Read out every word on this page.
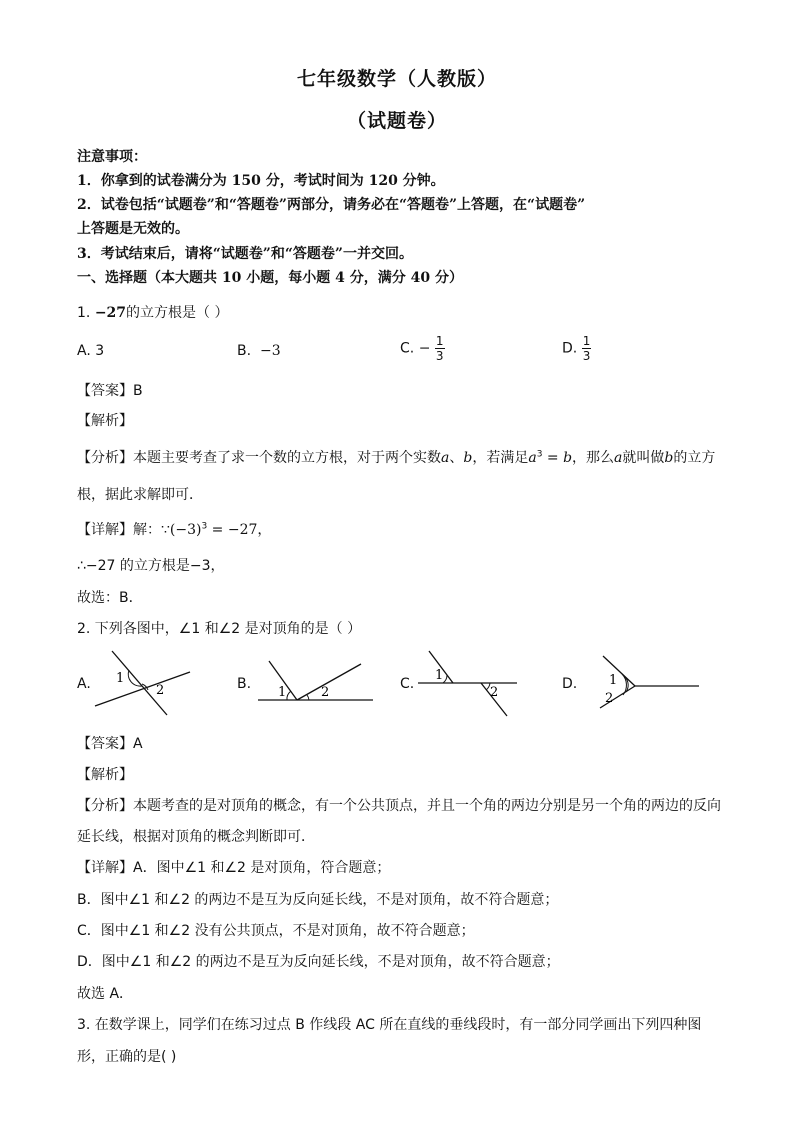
七年级数学（人教版）
（试题卷）
注意事项：
1．你拿到的试卷满分为 150 分，考试时间为 120 分钟。
2．试卷包括“试题卷”和“答题卷”两部分，请务必在“答题卷”上答题，在“试题卷”
上答题是无效的。
3．考试结束后，请将“试题卷”和“答题卷”一并交回。
一、选择题（本大题共 10 小题，每小题 4 分，满分 40 分）
1. −27的立方根是（ ）
A. 3	B. −3	C. − $\frac{1}{3}$	D. $\frac{1}{3}$
【答案】B
【解析】
【分析】本题主要考查了求一个数的立方根，对于两个实数a、b，若满足$a^3 = b$，那么a就叫做b的立方
根，据此求解即可．
【详解】解：$\because(-3)^3 = -27$，
∴−27 的立方根是−3，
故选：B．
2. 下列各图中，∠1 和∠2 是对顶角的是（ ）
A. 1
2	B.
1	2
C.
1
2
D. 1
2
【答案】A
【解析】
【分析】本题考查的是对顶角的概念，有一个公共顶点，并且一个角的两边分别是另一个角的两边的反向
延长线，根据对顶角的概念判断即可．
【详解】A．图中∠1 和∠2 是对顶角，符合题意；
B．图中∠1 和∠2 的两边不是互为反向延长线，不是对顶角，故不符合题意；
C．图中∠1 和∠2 没有公共顶点，不是对顶角，故不符合题意；
D．图中∠1 和∠2 的两边不是互为反向延长线，不是对顶角，故不符合题意；
故选 A．
3. 在数学课上，同学们在练习过点 B 作线段 AC 所在直线的垂线段时，有一部分同学画出下列四种图
形，正确的是( )
